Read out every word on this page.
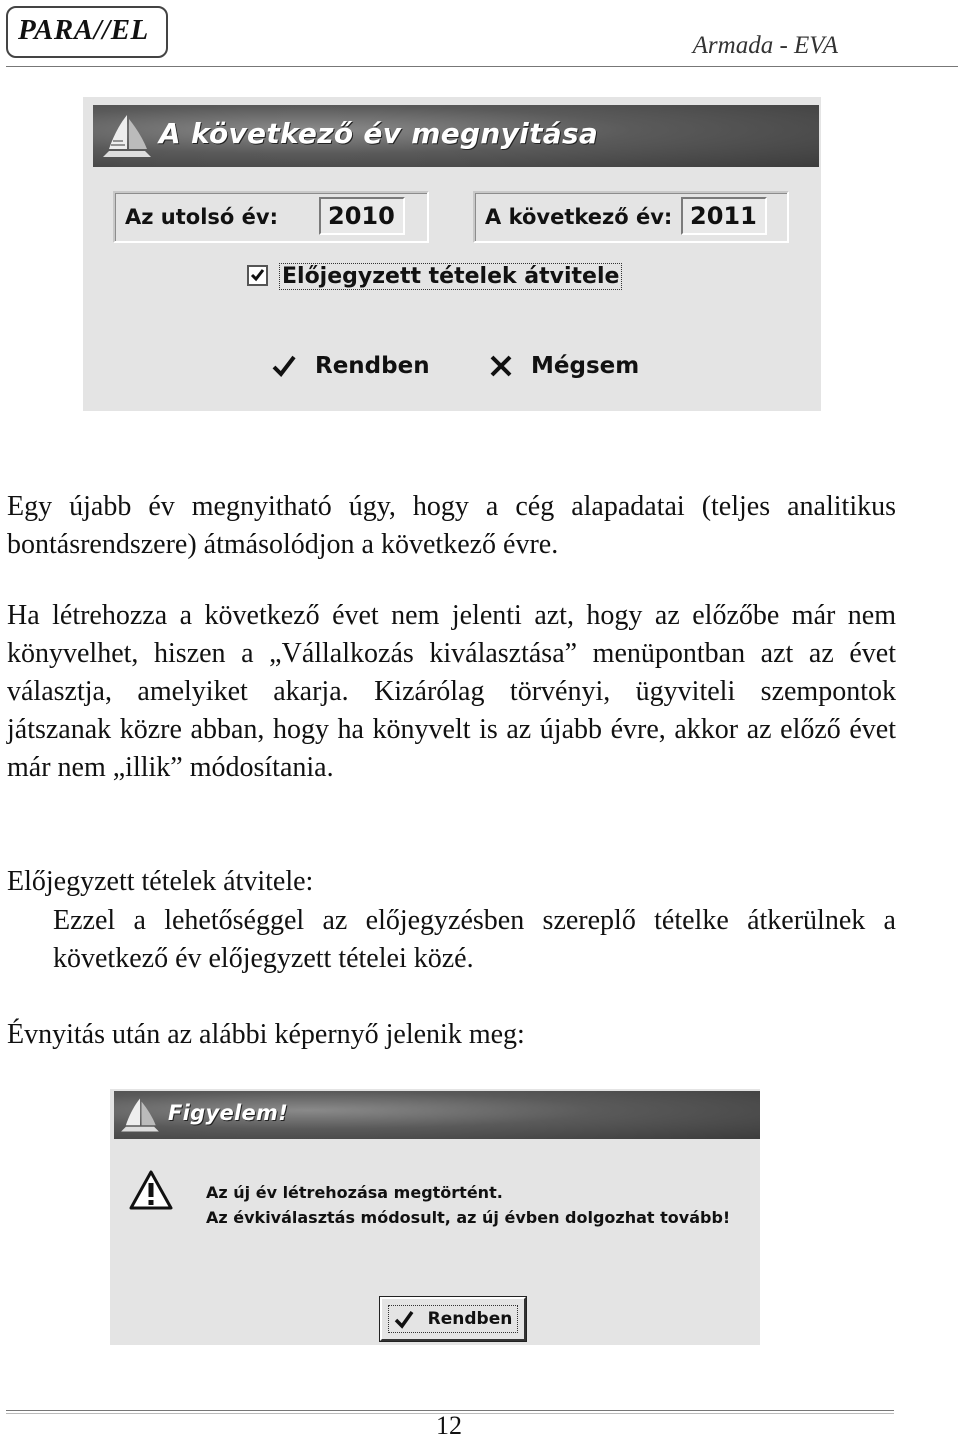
PARA//EL	Armada - EVA
A következő év megnyitása
Az utolsó év:	2010	A következő év: 2011
Előjegyzett tételek átvitele
Rendben	Mégsem
Egy újabb év megnyitható úgy, hogy a cég alapadatai (teljes analitikus bontásrendszere) átmásolódjon a következő évre.
Ha létrehozza a következő évet nem jelenti azt, hogy az előzőbe már nem könyvelhet, hiszen a „Vállalkozás kiválasztása” menüpontban azt az évet választja, amelyiket akarja. Kizárólag törvényi, ügyviteli szempontok játszanak közre abban, hogy ha könyvelt is az újabb évre, akkor az előző évet már nem „illik” módosítania.
Előjegyzett tételek átvitele:
Ezzel a lehetőséggel az előjegyzésben szereplő tételke átkerülnek a következő év előjegyzett tételei közé.
Évnyitás után az alábbi képernyő jelenik meg:
Figyelem!
Az új év létrehozása megtörtént.
Az évkiválasztás módosult, az új évben dolgozhat tovább!
Rendben
12
